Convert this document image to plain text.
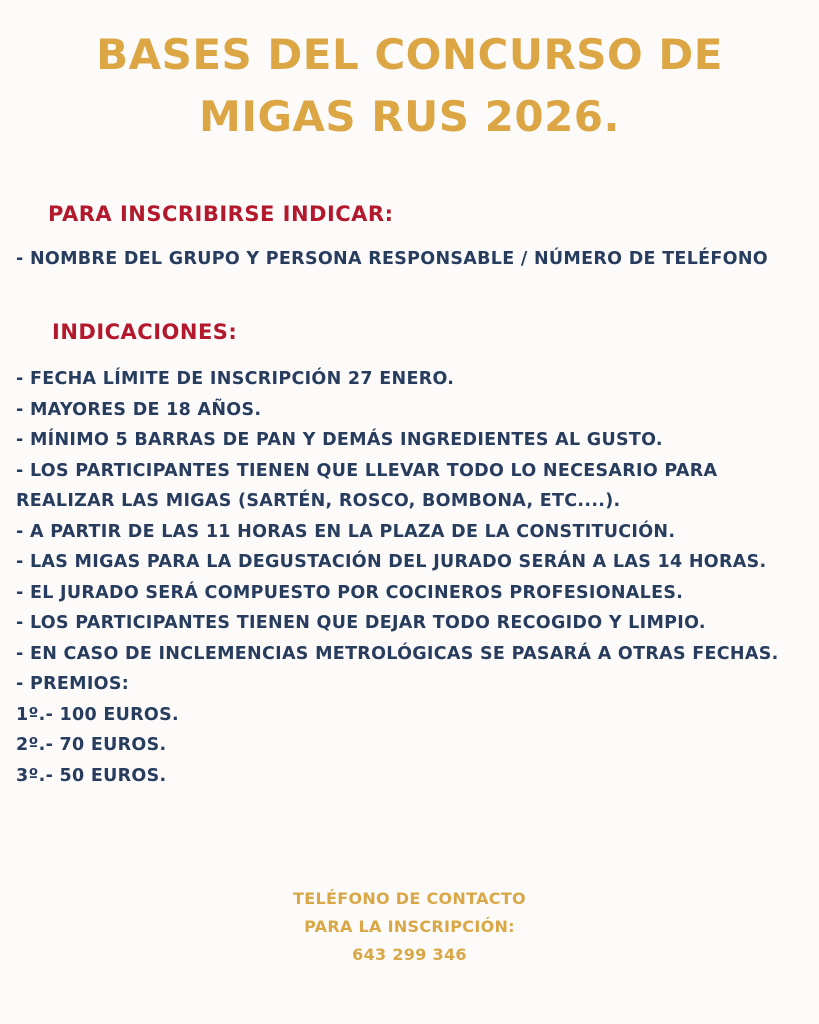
BASES DEL CONCURSO DE
MIGAS RUS 2026.
PARA INSCRIBIRSE INDICAR:
- NOMBRE DEL GRUPO Y PERSONA RESPONSABLE / NÚMERO DE TELÉFONO
INDICACIONES:
- FECHA LÍMITE DE INSCRIPCIÓN 27 ENERO.
- MAYORES DE 18 AÑOS.
- MÍNIMO 5 BARRAS DE PAN Y DEMÁS INGREDIENTES AL GUSTO.
- LOS PARTICIPANTES TIENEN QUE LLEVAR TODO LO NECESARIO PARA REALIZAR LAS MIGAS (SARTÉN, ROSCO, BOMBONA, ETC....).
- A PARTIR DE LAS 11 HORAS EN LA PLAZA DE LA CONSTITUCIÓN.
- LAS MIGAS PARA LA DEGUSTACIÓN DEL JURADO SERÁN A LAS 14 HORAS.
- EL JURADO SERÁ COMPUESTO POR COCINEROS PROFESIONALES.
- LOS PARTICIPANTES TIENEN QUE DEJAR TODO RECOGIDO Y LIMPIO.
- EN CASO DE INCLEMENCIAS METROLÓGICAS SE PASARÁ A OTRAS FECHAS.
- PREMIOS:
1º.- 100 EUROS.
2º.- 70 EUROS.
3º.- 50 EUROS.
TELÉFONO DE CONTACTO
PARA LA INSCRIPCIÓN:
643 299 346
